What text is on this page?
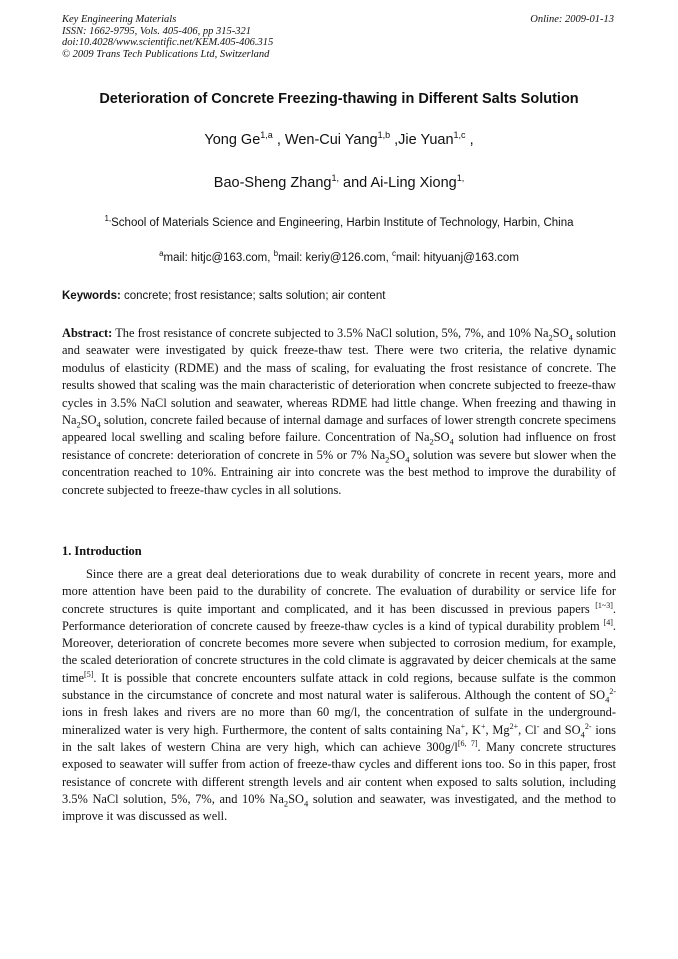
Key Engineering Materials
ISSN: 1662-9795, Vols. 405-406, pp 315-321
doi:10.4028/www.scientific.net/KEM.405-406.315
© 2009 Trans Tech Publications Ltd, Switzerland
Online: 2009-01-13
Deterioration of Concrete Freezing-thawing in Different Salts Solution
Yong Ge$^{1,a}$ , Wen-Cui Yang$^{1,b}$ ,Jie Yuan$^{1,c}$ ,
Bao-Sheng Zhang$^{1,}$ and Ai-Ling Xiong$^{1,}$
$^{1,}$School of Materials Science and Engineering, Harbin Institute of Technology, Harbin, China
$^a$mail: hitjc@163.com, $^b$mail: keriy@126.com, $^c$mail: hityuanj@163.com
Keywords: concrete; frost resistance; salts solution; air content
Abstract: The frost resistance of concrete subjected to 3.5% NaCl solution, 5%, 7%, and 10% $Na_2SO_4$ solution and seawater were investigated by quick freeze-thaw test. There were two criteria, the relative dynamic modulus of elasticity (RDME) and the mass of scaling, for evaluating the frost resistance of concrete. The results showed that scaling was the main characteristic of deterioration when concrete subjected to freeze-thaw cycles in 3.5% NaCl solution and seawater, whereas RDME had little change. When freezing and thawing in $Na_2SO_4$ solution, concrete failed because of internal damage and surfaces of lower strength concrete specimens appeared local swelling and scaling before failure. Concentration of $Na_2SO_4$ solution had influence on frost resistance of concrete: deterioration of concrete in 5% or 7% $Na_2SO_4$ solution was severe but slower when the concentration reached to 10%. Entraining air into concrete was the best method to improve the durability of concrete subjected to freeze-thaw cycles in all solutions.
1. Introduction
Since there are a great deal deteriorations due to weak durability of concrete in recent years, more and more attention have been paid to the durability of concrete. The evaluation of durability or service life for concrete structures is quite important and complicated, and it has been discussed in previous papers [1~3]. Performance deterioration of concrete caused by freeze-thaw cycles is a kind of typical durability problem [4]. Moreover, deterioration of concrete becomes more severe when subjected to corrosion medium, for example, the scaled deterioration of concrete structures in the cold climate is aggravated by deicer chemicals at the same time[5]. It is possible that concrete encounters sulfate attack in cold regions, because sulfate is the common substance in the circumstance of concrete and most natural water is saliferous. Although the content of $SO_4^{2-}$ ions in fresh lakes and rivers are no more than 60 mg/l, the concentration of sulfate in the underground-mineralized water is very high. Furthermore, the content of salts containing Na+, K+, $Mg^{2+}$, Cl- and $SO_4^{2-}$ ions in the salt lakes of western China are very high, which can achieve 300g/l[6, 7]. Many concrete structures exposed to seawater will suffer from action of freeze-thaw cycles and different ions too. So in this paper, frost resistance of concrete with different strength levels and air content when exposed to salts solution, including 3.5% NaCl solution, 5%, 7%, and 10% $Na_2SO_4$ solution and seawater, was investigated, and the method to improve it was discussed as well.
